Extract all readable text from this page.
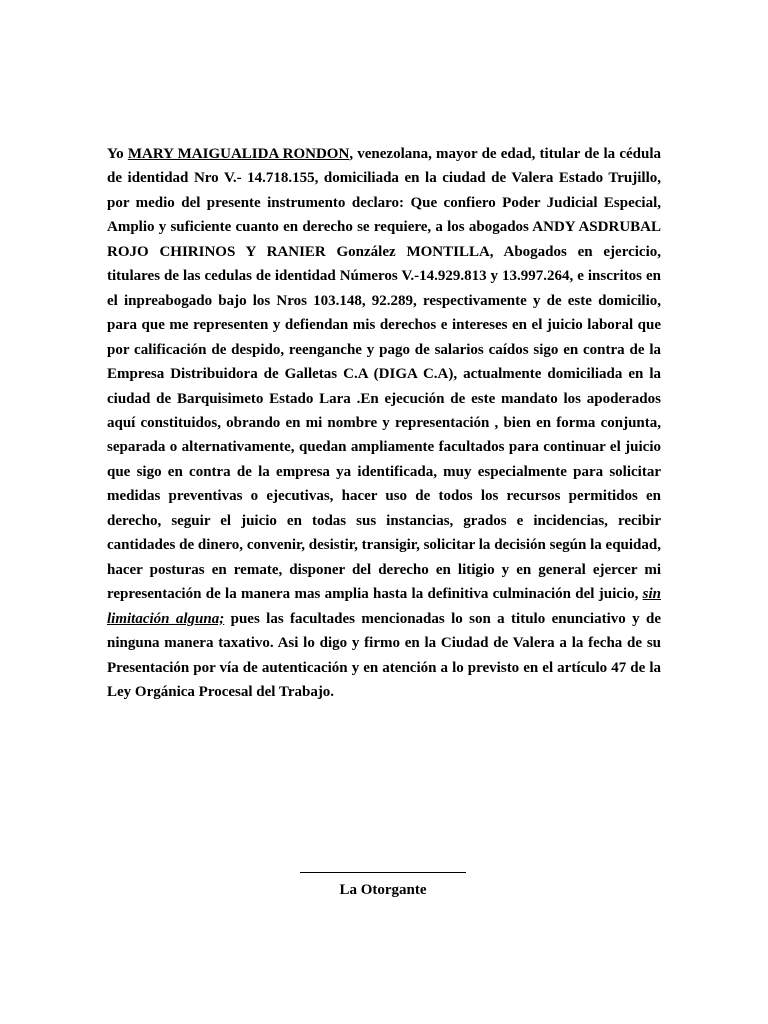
Yo MARY MAIGUALIDA RONDON, venezolana, mayor de edad, titular de la cédula de identidad Nro V.- 14.718.155, domiciliada en la ciudad de Valera Estado Trujillo, por medio del presente instrumento declaro: Que confiero Poder Judicial Especial, Amplio y suficiente cuanto en derecho se requiere, a los abogados ANDY ASDRUBAL ROJO CHIRINOS Y RANIER González MONTILLA, Abogados en ejercicio, titulares de las cedulas de identidad Números V.-14.929.813 y 13.997.264, e inscritos en el inpreabogado bajo los Nros 103.148, 92.289, respectivamente y de este domicilio, para que me representen y defiendan mis derechos e intereses en el juicio laboral que por calificación de despido, reenganche y pago de salarios caídos sigo en contra de la Empresa Distribuidora de Galletas C.A (DIGA C.A), actualmente domiciliada en la ciudad de Barquisimeto Estado Lara .En ejecución de este mandato los apoderados aquí constituidos, obrando en mi nombre y representación , bien en forma conjunta, separada o alternativamente, quedan ampliamente facultados para continuar el juicio que sigo en contra de la empresa ya identificada, muy especialmente para solicitar medidas preventivas o ejecutivas, hacer uso de todos los recursos permitidos en derecho, seguir el juicio en todas sus instancias, grados e incidencias, recibir cantidades de dinero, convenir, desistir, transigir, solicitar la decisión según la equidad, hacer posturas en remate, disponer del derecho en litigio y en general ejercer mi representación de la manera mas amplia hasta la definitiva culminación del juicio, sin limitación alguna; pues las facultades mencionadas lo son a titulo enunciativo y de ninguna manera taxativo. Asi lo digo y firmo en la Ciudad de Valera a la fecha de su Presentación por vía de autenticación y en atención a lo previsto en el artículo 47 de la Ley Orgánica Procesal del Trabajo.

La Otorgante
